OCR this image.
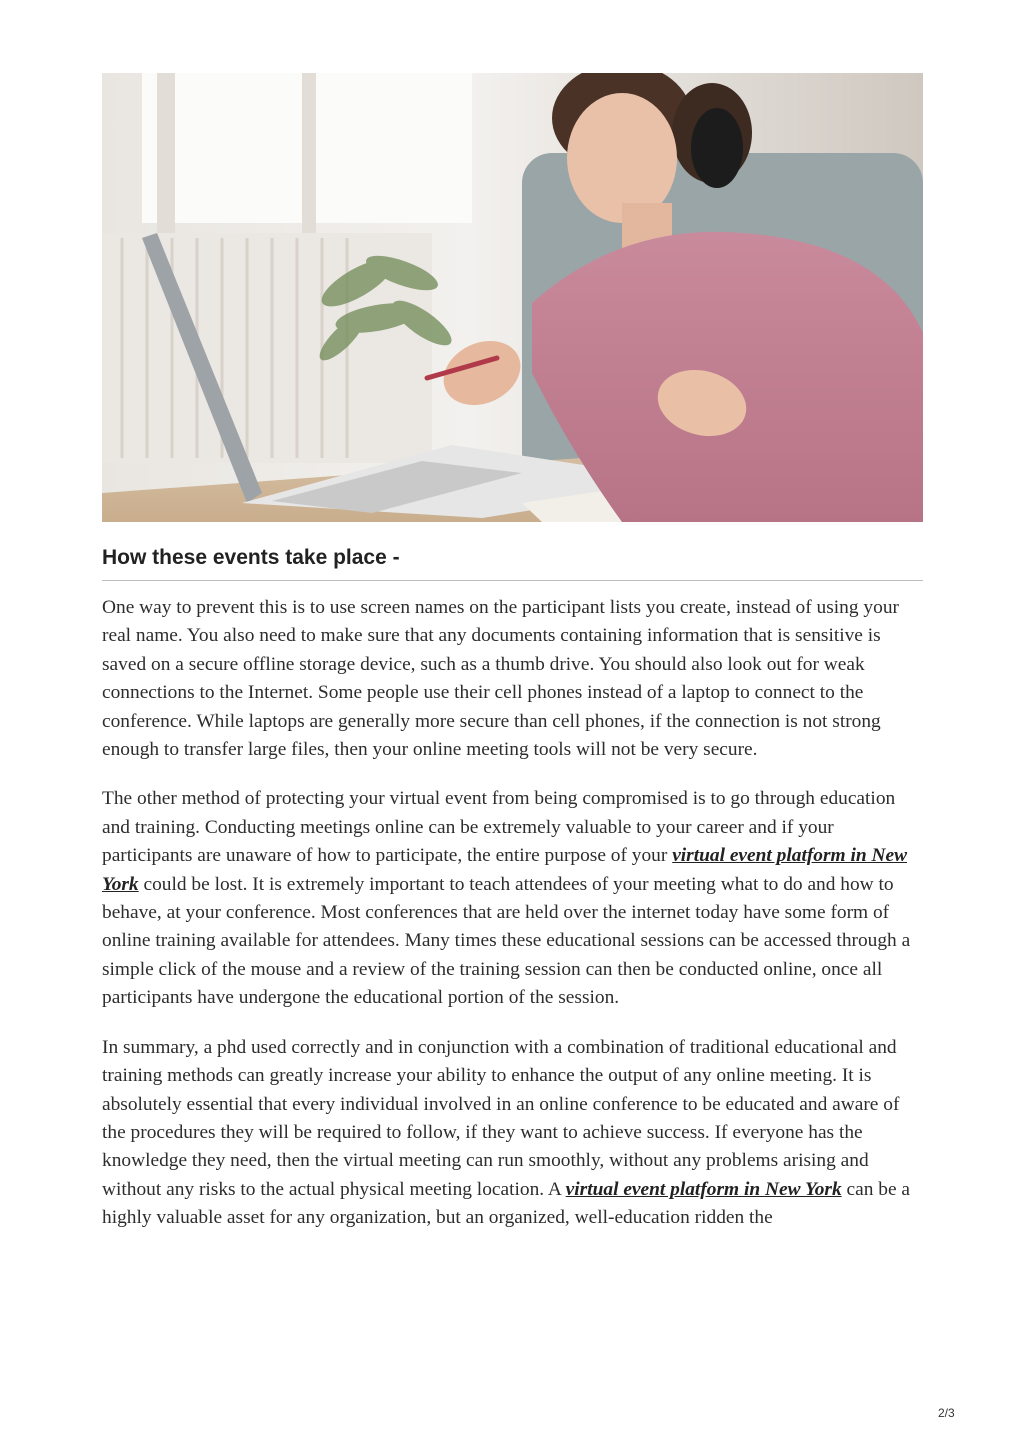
How these events take place -

One way to prevent this is to use screen names on the participant lists you create, instead of using your real name. You also need to make sure that any documents containing information that is sensitive is saved on a secure offline storage device, such as a thumb drive. You should also look out for weak connections to the Internet. Some people use their cell phones instead of a laptop to connect to the conference. While laptops are generally more secure than cell phones, if the connection is not strong enough to transfer large files, then your online meeting tools will not be very secure.

The other method of protecting your virtual event from being compromised is to go through education and training. Conducting meetings online can be extremely valuable to your career and if your participants are unaware of how to participate, the entire purpose of your virtual event platform in New York could be lost. It is extremely important to teach attendees of your meeting what to do and how to behave, at your conference. Most conferences that are held over the internet today have some form of online training available for attendees. Many times these educational sessions can be accessed through a simple click of the mouse and a review of the training session can then be conducted online, once all participants have undergone the educational portion of the session.

In summary, a phd used correctly and in conjunction with a combination of traditional educational and training methods can greatly increase your ability to enhance the output of any online meeting. It is absolutely essential that every individual involved in an online conference to be educated and aware of the procedures they will be required to follow, if they want to achieve success. If everyone has the knowledge they need, then the virtual meeting can run smoothly, without any problems arising and without any risks to the actual physical meeting location. A virtual event platform in New York can be a highly valuable asset for any organization, but an organized, well-education ridden the

2/3
